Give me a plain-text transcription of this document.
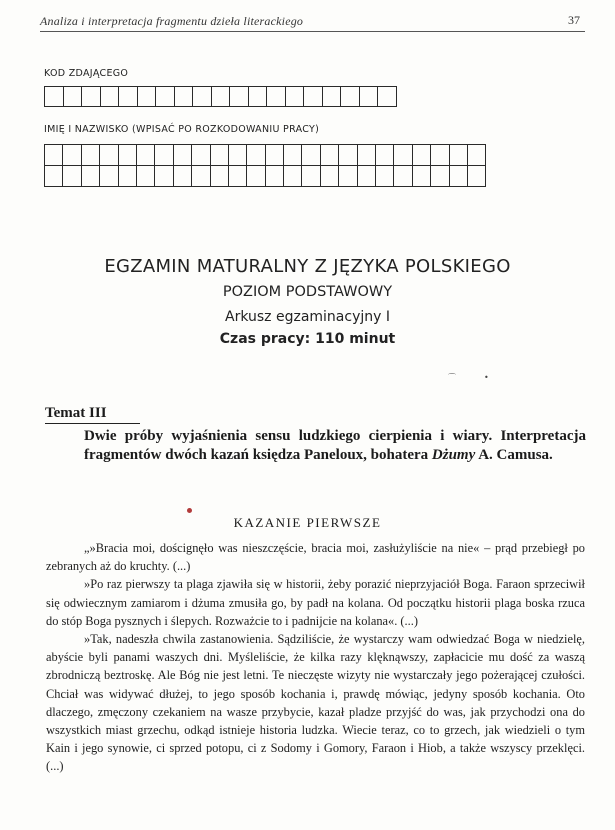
Analiza i interpretacja fragmentu dzieła literackiego	37
KOD ZDAJĄCEGO

IMIĘ I NAZWISKO (WPISAĆ PO ROZKODOWANIU PRACY)

EGZAMIN MATURALNY Z JĘZYKA POLSKIEGO
POZIOM PODSTAWOWY
Arkusz egzaminacyjny I
Czas pracy: 110 minut
⌒	•
Temat III
Dwie próby wyjaśnienia sensu ludzkiego cierpienia i wiary. Interpretacja fragmentów dwóch kazań księdza Paneloux, bohatera Dżumy A. Camusa.
KAZANIE PIERWSZE

„»Bracia moi, doścignęło was nieszczęście, bracia moi, zasłużyliście na nie« – prąd przebiegł po zebranych aż do kruchty. (...)

»Po raz pierwszy ta plaga zjawiła się w historii, żeby porazić nieprzyjaciół Boga. Faraon sprzeciwił się odwiecznym zamiarom i dżuma zmusiła go, by padł na kolana. Od początku historii plaga boska rzuca do stóp Boga pysznych i ślepych. Rozważcie to i padnijcie na kolana«. (...)

»Tak, nadeszła chwila zastanowienia. Sądziliście, że wystarczy wam odwiedzać Boga w niedzielę, abyście byli panami waszych dni. Myśleliście, że kilka razy klęknąwszy, zapłacicie mu dość za waszą zbrodniczą beztroskę. Ale Bóg nie jest letni. Te nieczęste wizyty nie wystarczały jego pożerającej czułości. Chciał was widywać dłużej, to jego sposób kochania i, prawdę mówiąc, jedyny sposób kochania. Oto dlaczego, zmęczony czekaniem na wasze przybycie, kazał pladze przyjść do was, jak przychodzi ona do wszystkich miast grzechu, odkąd istnieje historia ludzka. Wiecie teraz, co to grzech, jak wiedzieli o tym Kain i jego synowie, ci sprzed potopu, ci z Sodomy i Gomory, Faraon i Hiob, a także wszyscy przeklęci. (...)
